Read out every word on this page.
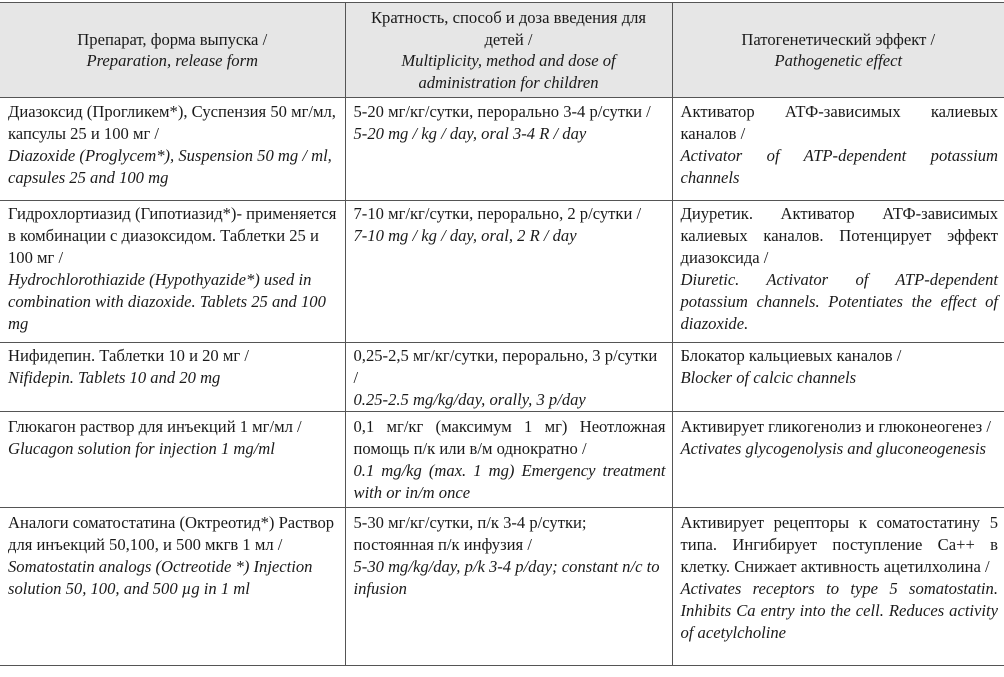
Препарат, форма выпуска /
Preparation, release form	Кратность, способ и доза введения для детей /
Multiplicity, method and dose of administration for children	Патогенетический эффект /
Pathogenetic effect

Диазоксид (Прогликем*), Суспензия 50 мг/мл, капсулы 25 и 100 мг /
Diazoxide (Proglycem*), Suspension 50 mg / ml, capsules 25 and 100 mg	5-20 мг/кг/сутки, перорально 3-4 р/сутки /
5-20 mg / kg / day, oral 3-4 R / day	Активатор АТФ-зависимых калиевых каналов /
Activator of ATP-dependent potassium channels

Гидрохлортиазид (Гипотиазид*)- применяется в комбинации с диазоксидом. Таблетки 25 и 100 мг /
Hydrochlorothiazide (Hypothyazide*) used in combination with diazoxide. Tablets 25 and 100 mg	7-10 мг/кг/сутки, перорально, 2 р/сутки /
7-10 mg / kg / day, oral, 2 R / day	Диуретик. Активатор АТФ-зависимых калиевых каналов. Потенцирует эффект диазоксида /
Diuretic. Activator of ATP-dependent potassium channels. Potentiates the effect of diazoxide.

Нифидепин. Таблетки 10 и 20 мг /
Nifidepin. Tablets 10 and 20 mg	0,25-2,5 мг/кг/сутки, перорально, 3 р/сутки /
0.25-2.5 mg/kg/day, orally, 3 p/day	Блокатор кальциевых каналов /
Blocker of calcic channels

Глюкагон раствор для инъекций 1 мг/мл /
Glucagon solution for injection 1 mg/ml	0,1 мг/кг (максимум 1 мг) Неотложная помощь п/к или в/м однократно /
0.1 mg/kg (max. 1 mg) Emergency treatment with or in/m once	Активирует гликогенолиз и глюконеогенез /
Activates glycogenolysis and gluconeogenesis

Аналоги соматостатина (Октреотид*) Раствор для инъекций 50,100, и 500 мкгв 1 мл /
Somatostatin analogs (Octreotide *) Injection solution 50, 100, and 500 µg in 1 ml	5-30 мг/кг/сутки, п/к 3-4 р/сутки; постоянная п/к инфузия /
5-30 mg/kg/day, p/k 3-4 p/day; constant n/c to infusion	Активирует рецепторы к соматостатину 5 типа. Ингибирует поступление Са++ в клетку. Снижает активность ацетилхолина /
Activates receptors to type 5 somatostatin. Inhibits Ca entry into the cell. Reduces activity of acetylcholine
